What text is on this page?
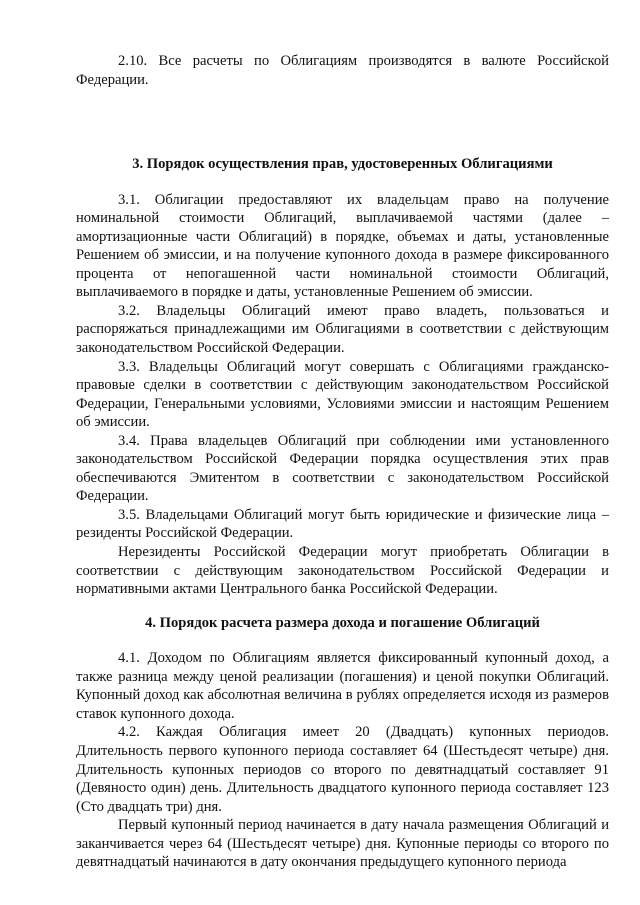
2.10. Все расчеты по Облигациям производятся в валюте Российской Федерации.

3. Порядок осуществления прав, удостоверенных Облигациями

3.1. Облигации предоставляют их владельцам право на получение номинальной стоимости Облигаций, выплачиваемой частями (далее – амортизационные части Облигаций) в порядке, объемах и даты, установленные Решением об эмиссии, и на получение купонного дохода в размере фиксированного процента от непогашенной части номинальной стоимости Облигаций, выплачиваемого в порядке и даты, установленные Решением об эмиссии.

3.2. Владельцы Облигаций имеют право владеть, пользоваться и распоряжаться принадлежащими им Облигациями в соответствии с действующим законодательством Российской Федерации.

3.3. Владельцы Облигаций могут совершать с Облигациями гражданско-правовые сделки в соответствии с действующим законодательством Российской Федерации, Генеральными условиями, Условиями эмиссии и настоящим Решением об эмиссии.

3.4. Права владельцев Облигаций при соблюдении ими установленного законодательством Российской Федерации порядка осуществления этих прав обеспечиваются Эмитентом в соответствии с законодательством Российской Федерации.

3.5. Владельцами Облигаций могут быть юридические и физические лица – резиденты Российской Федерации.

Нерезиденты Российской Федерации могут приобретать Облигации в соответствии с действующим законодательством Российской Федерации и нормативными актами Центрального банка Российской Федерации.

4. Порядок расчета размера дохода и погашение Облигаций

4.1. Доходом по Облигациям является фиксированный купонный доход, а также разница между ценой реализации (погашения) и ценой покупки Облигаций. Купонный доход как абсолютная величина в рублях определяется исходя из размеров ставок купонного дохода.

4.2. Каждая Облигация имеет 20 (Двадцать) купонных периодов. Длительность первого купонного периода составляет 64 (Шестьдесят четыре) дня. Длительность купонных периодов со второго по девятнадцатый составляет 91 (Девяносто один) день. Длительность двадцатого купонного периода составляет 123 (Сто двадцать три) дня.

Первый купонный период начинается в дату начала размещения Облигаций и заканчивается через 64 (Шестьдесят четыре) дня. Купонные периоды со второго по девятнадцатый начинаются в дату окончания предыдущего купонного периода
